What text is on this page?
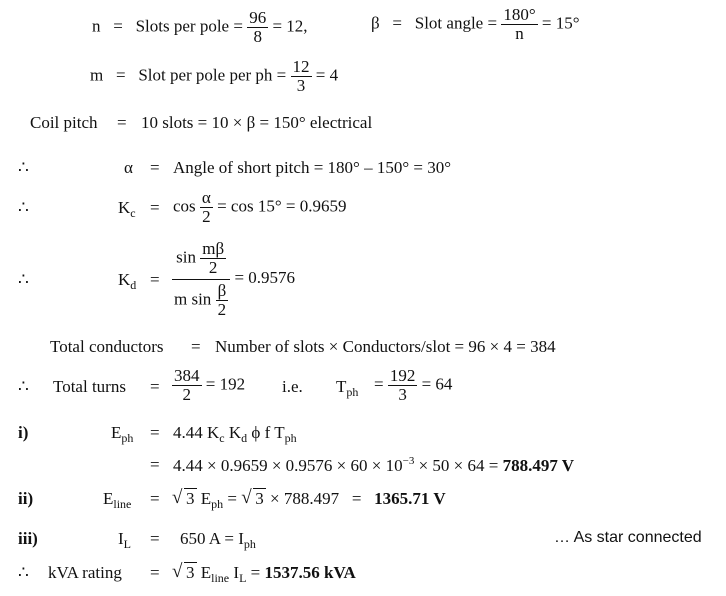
n = Slots per pole = $\frac{96}{8} = 12$,	β = Slot angle = $\frac{180^\circ}{n} = 15^\circ$
m = Slot per pole per ph = $\frac{12}{3} = 4$
Coil pitch = 10 slots = 10 × β = 150° electrical
∴	α = Angle of short pitch = 180° – 150° = 30°
∴	$K_c = \cos \frac{\alpha}{2} = \cos 15^\circ = 0.9659$
∴	$K_d = \frac{\sin \frac{m\beta}{2}}{m \sin \frac{\beta}{2}} = 0.9576$
Total conductors = Number of slots × Conductors/slot = 96 × 4 = 384
∴ Total turns = $\frac{384}{2} = 192$ i.e. $T_{ph} = \frac{192}{3} = 64$
i)	$E_{ph} = 4.44$ $K_c$ $K_d$ ϕ f $T_{ph}$
= $4.44 \times 0.9659 \times 0.9576 \times 60 \times 10^{-3} \times 50 \times 64 = 788.497$ V
ii)	$E_{line}$ = √ 3 $E_{ph}$ = √ 3 × 788.497 = 1365.71 V
iii)	$I_L = 650$ $A = I_{ph}$	… As star connected
∴ kVA rating = √ 3 $E_{line}$ $I_L = 1537.56$ kVA
